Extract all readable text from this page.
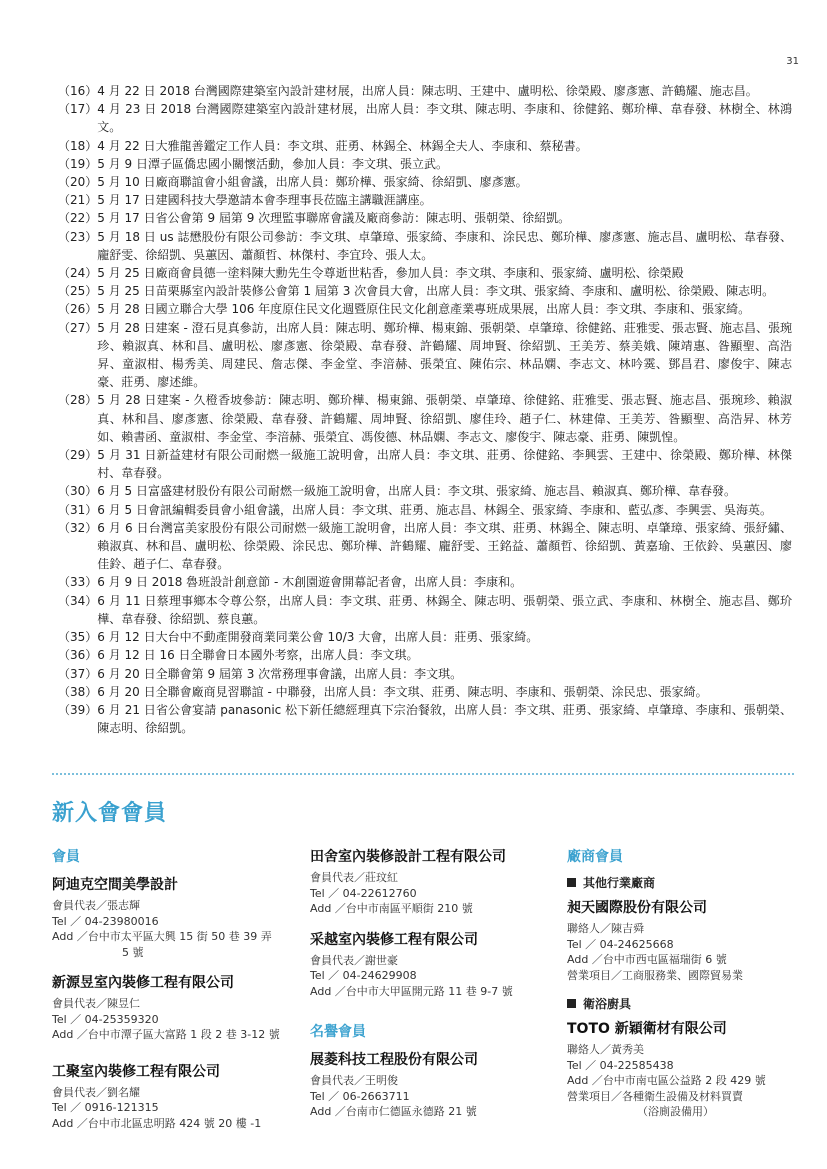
31
（16） 4 月 22 日 2018 台灣國際建築室內設計建材展，出席人員：陳志明、王建中、盧明松、徐榮殿、廖彥憲、許鶴耀、施志昌。
（17） 4 月 23 日 2018 台灣國際建築室內設計建材展，出席人員：李文琪、陳志明、李康和、徐健銘、鄭玠樺、韋春發、林樹全、林鴻文。
（18） 4 月 22 日大雅龍善鑑定工作人員：李文琪、莊勇、林錫全、林錫全夫人、李康和、蔡秘書。
（19） 5 月 9 日潭子區僑忠國小關懷活動，參加人員：李文琪、張立武。
（20） 5 月 10 日廠商聯誼會小組會議，出席人員：鄭玠樺、張家綺、徐紹凱、廖彥憲。
（21） 5 月 17 日建國科技大學邀請本會李理事長莅臨主講職涯講座。
（22） 5 月 17 日省公會第 9 屆第 9 次理監事聯席會議及廠商參訪：陳志明、張朝榮、徐紹凱。
（23） 5 月 18 日 us 誌懋股份有限公司參訪：李文琪、卓肇璋、張家綺、李康和、涂民忠、鄭玠樺、廖彥憲、施志昌、盧明松、韋春發、龐舒雯、徐紹凱、吳蕙因、蕭顏哲、林傑村、李宜玲、張人太。
（24） 5 月 25 日廠商會員德一塗料陳大勳先生令尊逝世粘香，參加人員：李文琪、李康和、張家綺、盧明松、徐榮殿
（25） 5 月 25 日苗栗縣室內設計裝修公會第 1 屆第 3 次會員大會，出席人員：李文琪、張家綺、李康和、盧明松、徐榮殿、陳志明。
（26） 5 月 28 日國立聯合大學 106 年度原住民文化週暨原住民文化創意產業專班成果展，出席人員：李文琪、李康和、張家綺。
（27） 5 月 28 日建案 - 澄石見真參訪，出席人員：陳志明、鄭玠樺、楊東錦、張朝榮、卓肇璋、徐健銘、莊雅雯、張志賢、施志昌、張琬珍、賴淑真、林和昌、盧明松、廖彥憲、徐榮殿、韋春發、許鶴耀、周坤賢、徐紹凱、王美芳、蔡美娥、陳靖惠、昝顯聖、高浩昇、童淑柑、楊秀美、周建民、詹志傑、李金堂、李湆赫、張榮宜、陳佑宗、林品嫻、李志文、林吟霙、鄧昌君、廖俊宇、陳志豪、莊勇、廖述維。
（28） 5 月 28 日建案 - 久橙香坡參訪：陳志明、鄭玠樺、楊東錦、張朝榮、卓肇璋、徐健銘、莊雅雯、張志賢、施志昌、張琬珍、賴淑真、林和昌、廖彥憲、徐榮殿、韋春發、許鶴耀、周坤賢、徐紹凱、廖佳玲、趙子仁、林建偉、王美芳、昝顯聖、高浩昇、林芳如、賴書函、童淑柑、李金堂、李湆赫、張榮宜、馮俊德、林品嫻、李志文、廖俊宇、陳志豪、莊勇、陳凱惶。
（29） 5 月 31 日新益建材有限公司耐燃一級施工說明會，出席人員：李文琪、莊勇、徐健銘、李興雲、王建中、徐榮殿、鄭玠樺、林傑村、韋春發。
（30） 6 月 5 日富盛建材股份有限公司耐燃一級施工說明會，出席人員：李文琪、張家綺、施志昌、賴淑真、鄭玠樺、韋春發。
（31） 6 月 5 日會訊編輯委員會小組會議，出席人員：李文琪、莊勇、施志昌、林錫全、張家綺、李康和、藍弘彥、李興雲、吳海英。
（32） 6 月 6 日台灣富美家股份有限公司耐燃一級施工說明會，出席人員：李文琪、莊勇、林錫全、陳志明、卓肇璋、張家綺、張紓繡、賴淑真、林和昌、盧明松、徐榮殿、涂民忠、鄭玠樺、許鶴耀、龐舒雯、王銘益、蕭顏哲、徐紹凱、黃嘉瑜、王依鈴、吳蕙因、廖佳鈴、趙子仁、韋春發。
（33） 6 月 9 日 2018 魯班設計創意節 - 木創園遊會開幕記者會，出席人員：李康和。
（34） 6 月 11 日蔡理事鄉本令尊公祭，出席人員：李文琪、莊勇、林錫全、陳志明、張朝榮、張立武、李康和、林樹全、施志昌、鄭玠樺、韋春發、徐紹凱、蔡良蕙。
（35） 6 月 12 日大台中不動產開發商業同業公會 10/3 大會，出席人員：莊勇、張家綺。
（36） 6 月 12 日 16 日全聯會日本國外考察，出席人員：李文琪。
（37） 6 月 20 日全聯會第 9 屆第 3 次常務理事會議，出席人員：李文琪。
（38） 6 月 20 日全聯會廠商見習聯誼 - 中聯發，出席人員：李文琪、莊勇、陳志明、李康和、張朝榮、涂民忠、張家綺。
（39） 6 月 21 日省公會宴請 panasonic 松下新任總經理真下宗治餐敘，出席人員：李文琪、莊勇、張家綺、卓肇璋、李康和、張朝榮、陳志明、徐紹凱。
新入會會員
會員
阿迪克空間美學設計
會員代表／張志輝
Tel ／ 04-23980016
Add ／台中市太平區大興 15 街 50 巷 39 弄
5 號
新源昱室內裝修工程有限公司
會員代表／陳昱仁
Tel ／ 04-25359320
Add ／台中市潭子區大富路 1 段 2 巷 3-12 號
工聚室內裝修工程有限公司
會員代表／劉名耀
Tel ／ 0916-121315
Add ／台中市北區忠明路 424 號 20 樓 -1
田舍室內裝修設計工程有限公司
會員代表／莊玟紅
Tel ／ 04-22612760
Add ／台中市南區平順街 210 號
采越室內裝修工程有限公司
會員代表／謝世豪
Tel ／ 04-24629908
Add ／台中市大甲區開元路 11 巷 9-7 號
名譽會員
展菱科技工程股份有限公司
會員代表／王明俊
Tel ／ 06-2663711
Add ／台南市仁德區永德路 21 號
廠商會員
其他行業廠商
昶天國際股份有限公司
聯絡人／陳吉舜
Tel ／ 04-24625668
Add ／台中市西屯區福瑞街 6 號
營業項目／工商服務業、國際貿易業
衛浴廚具
TOTO 新穎衛材有限公司
聯絡人／黃秀美
Tel ／ 04-22585438
Add ／台中市南屯區公益路 2 段 429 號
營業項目／各種衛生設備及材料買賣
（浴廁設備用）
